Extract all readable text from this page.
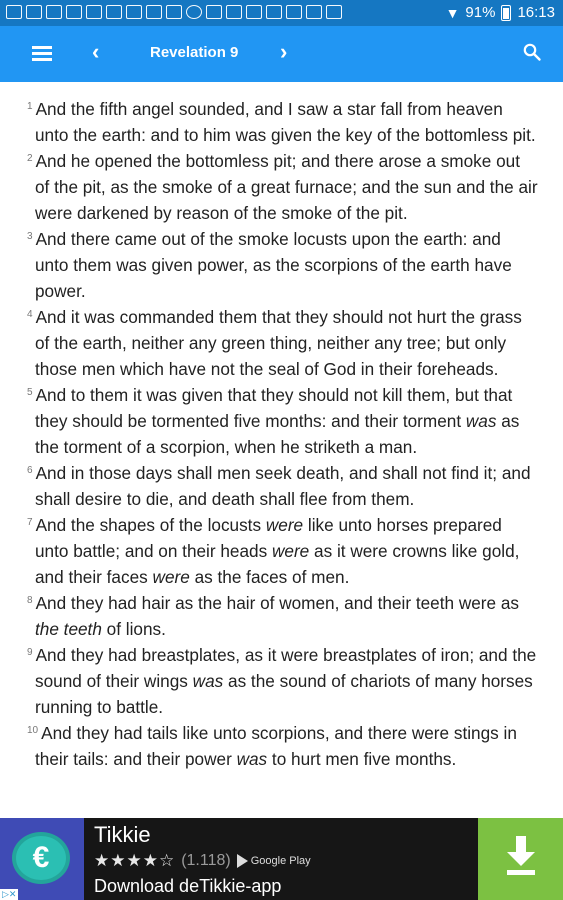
▼ 91% 16:13
‹	Revelation 9 ›

$^1$ And the fifth angel sounded, and I saw a star fall from heaven unto the earth: and to him was given the key of the bottomless pit.

$^2$ And he opened the bottomless pit; and there arose a smoke out of the pit, as the smoke of a great furnace; and the sun and the air were darkened by reason of the smoke of the pit.

$^3$ And there came out of the smoke locusts upon the earth: and unto them was given power, as the scorpions of the earth have power.

$^4$ And it was commanded them that they should not hurt the grass of the earth, neither any green thing, neither any tree; but only those men which have not the seal of God in their foreheads.

$^5$ And to them it was given that they should not kill them, but that they should be tormented five months: and their torment was as the torment of a scorpion, when he striketh a man.

$^6$ And in those days shall men seek death, and shall not find it; and shall desire to die, and death shall flee from them.

$^7$ And the shapes of the locusts were like unto horses prepared unto battle; and on their heads were as it were crowns like gold, and their faces were as the faces of men.

$^8$ And they had hair as the hair of women, and their teeth were as the teeth of lions.

$^9$ And they had breastplates, as it were breastplates of iron; and the sound of their wings was as the sound of chariots of many horses running to battle.

$^{10}$ And they had tails like unto scorpions, and there were stings in their tails: and their power was to hurt men five months.

€
Tikkie
★★★★☆ (1.118) Google Play
Download deTikkie-app
▷✕
